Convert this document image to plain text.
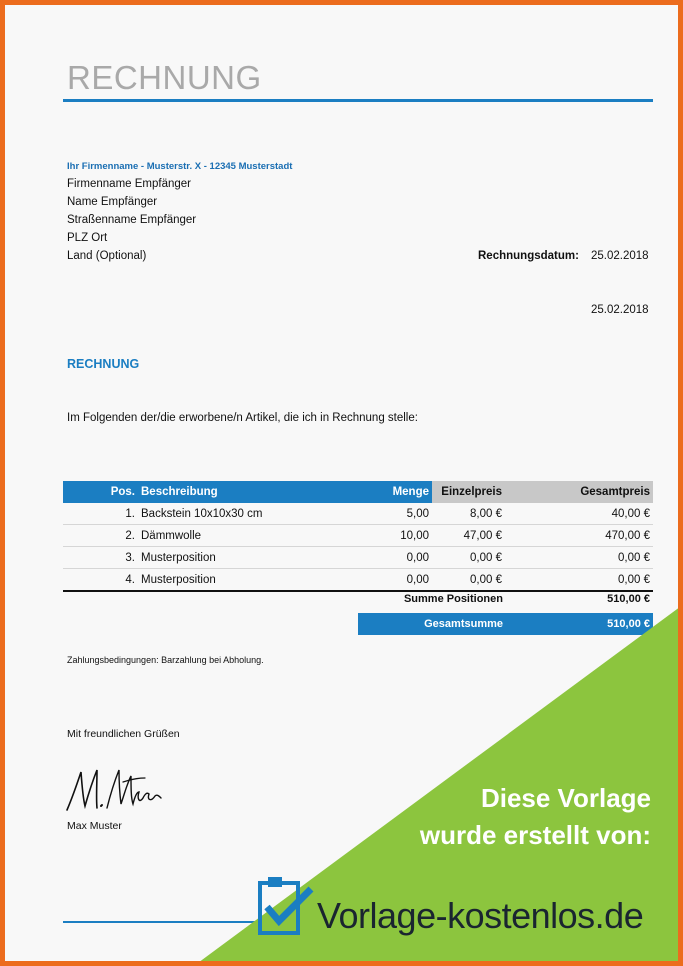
RECHNUNG
Ihr Firmenname - Musterstr. X - 12345 Musterstadt
Firmenname Empfänger
Name Empfänger
Straßenname Empfänger
PLZ Ort
Land (Optional)	Rechnungsdatum: 25.02.2018
25.02.2018
RECHNUNG
Im Folgenden der/die erworbene/n Artikel, die ich in Rechnung stelle:
Pos.	Beschreibung	Menge	Einzelpreis	Gesamtpreis
1.	Backstein 10x10x30 cm	5,00	8,00 €	40,00 €
2.	Dämmwolle	10,00	47,00 €	470,00 €
3.	Musterposition	0,00	0,00 €	0,00 €
4.	Musterposition	0,00	0,00 €	0,00 €
Summe Positionen	510,00 €
Gesamtsumme	510,00 €
Zahlungsbedingungen: Barzahlung bei Abholung.
Mit freundlichen Grüßen
Max Muster
Diese Vorlage
wurde erstellt von:
Vorlage-kostenlos.de
